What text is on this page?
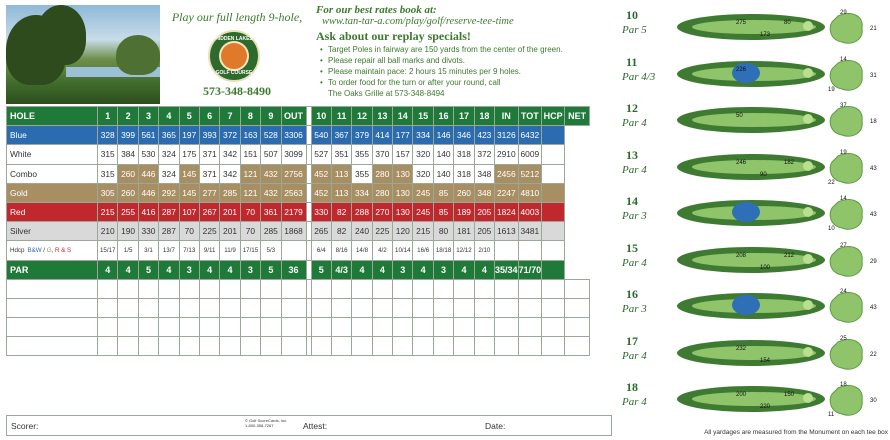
Play our full length 9-hole,
HIDDEN LAKES
GOLF COURSE
573-348-8490
For our best rates book at:
www.tan-tar-a.com/play/golf/reserve-tee-time
Ask about our replay specials!
• Target Poles in fairway are 150 yards from the center of the green.
• Please repair all ball marks and divots.
• Please maintain pace: 2 hours 15 minutes per 9 holes.
• To order food for the turn or after your round, call
The Oaks Grille at 573-348-8494
HOLE	1	2	3	4	5	6	7	8	9	OUT		10	11	12	13	14	15	16	17	18	IN	TOT	HCP	NET
Blue	328	399	561	365	197	393	372	163	528	3306		540	367	379	414	177	334	146	346	423	3126	6432		
White	315	384	530	324	175	371	342	151	507	3099		527	351	355	370	157	320	140	318	372	2910	6009		
Combo	315	260	446	324	145	371	342	121	432	2756		452	113	355	280	130	320	140	318	348	2456	5212		
Gold	305	260	446	292	145	277	285	121	432	2563		452	113	334	280	130	245	85	260	348	2247	4810		
Red	215	255	416	287	107	267	201	70	361	2179		330	82	288	270	130	245	85	189	205	1824	4003		
Silver	210	190	330	287	70	225	201	70	285	1868		265	82	240	225	120	215	80	181	205	1613	3481		
Hdcp B&W / G, R & S	15/17	1/5	3/1	13/7	7/13	9/11	11/9	17/15	5/3			6/4	8/16	14/8	4/2	10/14	16/6	18/18	12/12	2/10				
PAR	4	4	5	4	3	4	4	3	5	36		5	4/3	4	4	3	4	3	4	4	35/34	71/70		

Scorer:
© Golf ScoreCards, Inc.
1-800-358-7267	Attest:	Date:
10
Par 5
275
173
80
29
21
11
Par 4/3
226
14
31
19
12
Par 4
50
37
18
13
Par 4
246
90
182
19
43
22
14
Par 3
14
43
10
15
Par 4
208
100
212
27
29
16
Par 3
24
43
17
Par 4
232
154
25
22
18
Par 4
200
220
150
18
30
11
All yardages are measured from the Monument on each tee box
